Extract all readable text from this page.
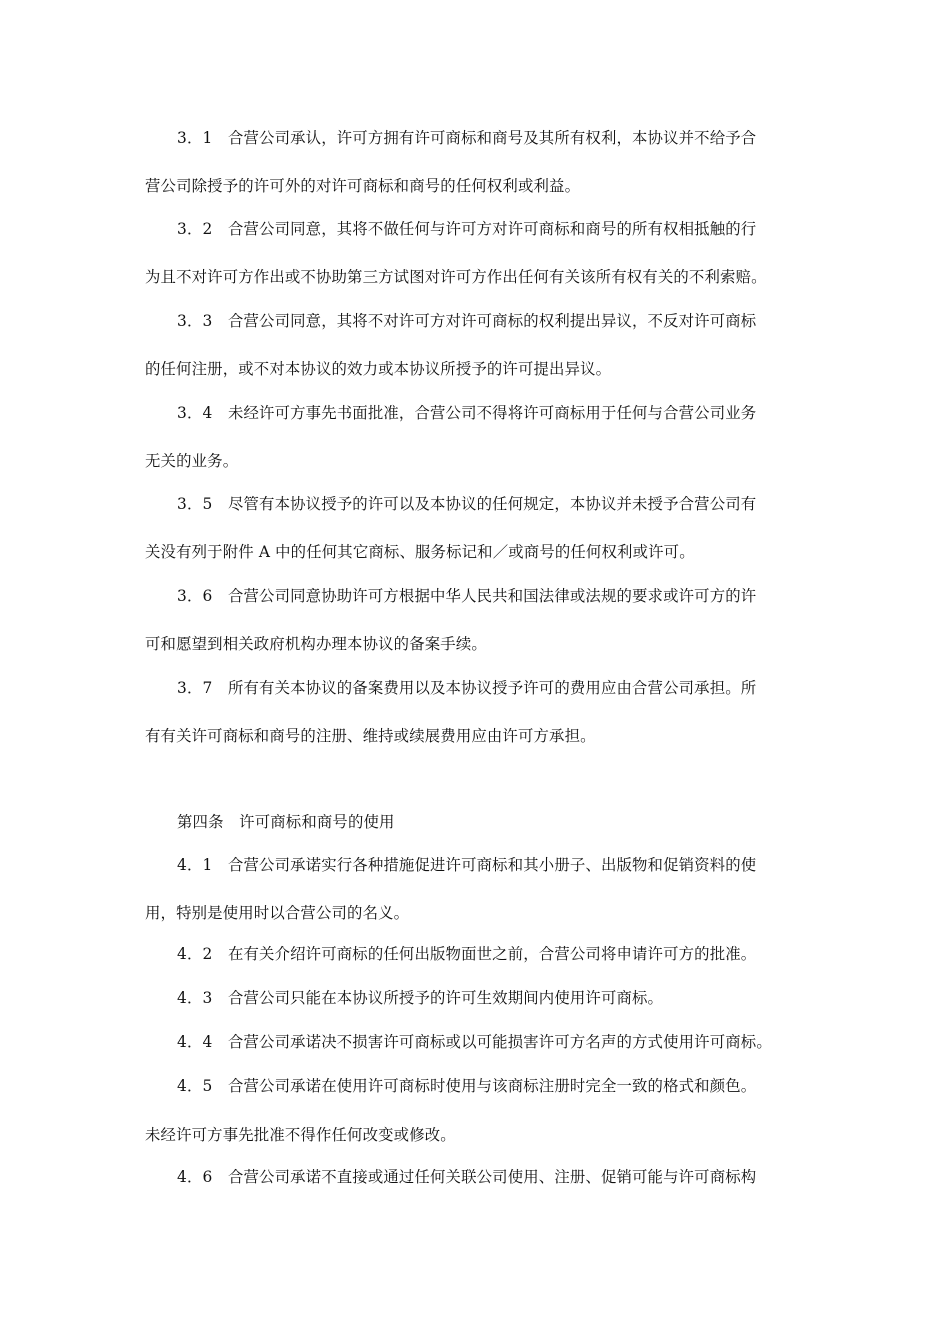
3．1　合营公司承认，许可方拥有许可商标和商号及其所有权利，本协议并不给予合
营公司除授予的许可外的对许可商标和商号的任何权利或利益。
3．2　合营公司同意，其将不做任何与许可方对许可商标和商号的所有权相抵触的行
为且不对许可方作出或不协助第三方试图对许可方作出任何有关该所有权有关的不利索赔。
3．3　合营公司同意，其将不对许可方对许可商标的权利提出异议，不反对许可商标
的任何注册，或不对本协议的效力或本协议所授予的许可提出异议。
3．4　未经许可方事先书面批准，合营公司不得将许可商标用于任何与合营公司业务
无关的业务。
3．5　尽管有本协议授予的许可以及本协议的任何规定，本协议并未授予合营公司有
关没有列于附件 A 中的任何其它商标、服务标记和／或商号的任何权利或许可。
3．6　合营公司同意协助许可方根据中华人民共和国法律或法规的要求或许可方的许
可和愿望到相关政府机构办理本协议的备案手续。
3．7　所有有关本协议的备案费用以及本协议授予许可的费用应由合营公司承担。所
有有关许可商标和商号的注册、维持或续展费用应由许可方承担。
第四条　许可商标和商号的使用
4．1　合营公司承诺实行各种措施促进许可商标和其小册子、出版物和促销资料的使
用，特别是使用时以合营公司的名义。
4．2　在有关介绍许可商标的任何出版物面世之前，合营公司将申请许可方的批准。
4．3　合营公司只能在本协议所授予的许可生效期间内使用许可商标。
4．4　合营公司承诺决不损害许可商标或以可能损害许可方名声的方式使用许可商标。
4．5　合营公司承诺在使用许可商标时使用与该商标注册时完全一致的格式和颜色。
未经许可方事先批准不得作任何改变或修改。
4．6　合营公司承诺不直接或通过任何关联公司使用、注册、促销可能与许可商标构
